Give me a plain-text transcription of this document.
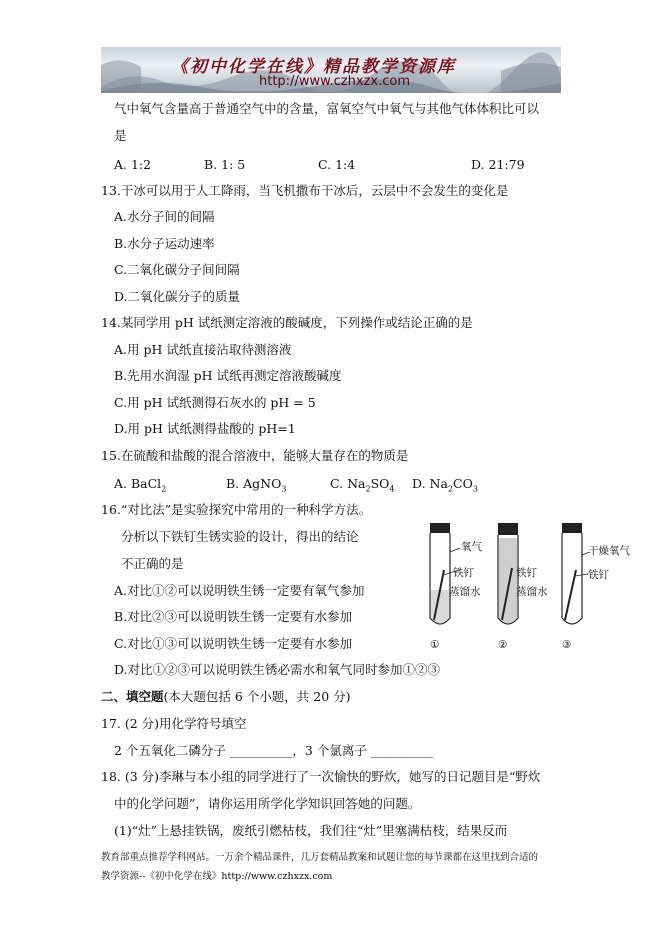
《初中化学在线》精品教学资源库
http://www.czhxzx.com
气中氧气含量高于普通空气中的含量，富氧空气中氧气与其他气体体积比可以
是
A. 1:2	B. 1: 5	C. 1:4	D. 21:79
13.干冰可以用于人工降雨，当飞机撒布干冰后，云层中不会发生的变化是
A.水分子间的间隔
B.水分子运动速率
C.二氧化碳分子间间隔
D.二氧化碳分子的质量
14.某同学用 pH 试纸测定溶液的酸碱度，下列操作或结论正确的是
A.用 pH 试纸直接沾取待测溶液
B.先用水润湿 pH 试纸再测定溶液酸碱度
C.用 pH 试纸测得石灰水的 pH = 5
D.用 pH 试纸测得盐酸的 pH=1
15.在硫酸和盐酸的混合溶液中，能够大量存在的物质是
A. BaCl$_2$	B. AgNO$_3$	C. $Na_2SO_4$ D. $Na_2CO_3$
16.“对比法”是实验探究中常用的一种科学方法。
分析以下铁钉生锈实验的设计，得出的结论
不正确的是
A.对比①②可以说明铁生锈一定要有氧气参加
B.对比②③可以说明铁生锈一定要有水参加
C.对比①③可以说明铁生锈一定要有水参加
D.对比①②③可以说明铁生锈必需水和氧气同时参加①②③
氧气
铁钉
蒸馏水
①
铁钉
蒸馏水
②
干燥氧气
铁钉
③
二、填空题(本大题包括 6 个小题，共 20 分)
17. (2 分)用化学符号填空
2 个五氧化二磷分子 __________，3 个氯离子 __________
18. (3 分)李琳与本小组的同学进行了一次愉快的野炊，她写的日记题目是“野炊
中的化学问题”，请你运用所学化学知识回答她的问题。
(1)“灶”上悬挂铁锅，废纸引燃枯枝，我们往“灶”里塞满枯枝，结果反而
教育部重点推荐学科网站。一万余个精品课件，几万套精品教案和试题让您的每节课都在这里找到合适的
教学资源--《初中化学在线》http://www.czhxzx.com
